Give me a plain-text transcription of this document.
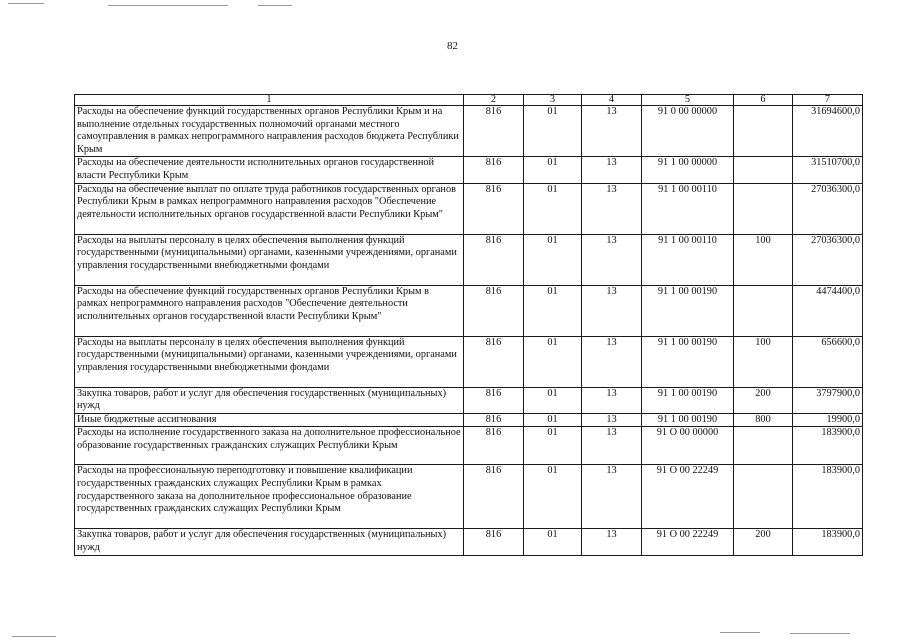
82
1	2	3	4	5	6	7
Расходы на обеспечение функций государственных органов Республики Крым и на выполнение отдельных государственных полномочий органами местного самоуправления в рамках непрограммного направления расходов бюджета Республики Крым	816	01	13	91 0 00 00000		31694600,0
Расходы на обеспечение деятельности исполнительных органов государственной власти Республики Крым	816	01	13	91 1 00 00000		31510700,0
Расходы на обеспечение выплат по оплате труда работников государственных органов Республики Крым в рамках непрограммного направления расходов "Обеспечение деятельности исполнительных органов государственной власти Республики Крым"	816	01	13	91 1 00 00110		27036300,0
Расходы на выплаты персоналу в целях обеспечения выполнения функций государственными (муниципальными) органами, казенными учреждениями, органами управления государственными внебюджетными фондами	816	01	13	91 1 00 00110	100	27036300,0
Расходы на обеспечение функций государственных органов Республики Крым в рамках непрограммного направления расходов "Обеспечение деятельности исполнительных органов государственной власти Республики Крым"	816	01	13	91 1 00 00190		4474400,0
Расходы на выплаты персоналу в целях обеспечения выполнения функций государственными (муниципальными) органами, казенными учреждениями, органами управления государственными внебюджетными фондами	816	01	13	91 1 00 00190	100	656600,0
Закупка товаров, работ и услуг для обеспечения государственных (муниципальных) нужд	816	01	13	91 1 00 00190	200	3797900,0
Иные бюджетные ассигнования	816	01	13	91 1 00 00190	800	19900,0
Расходы на исполнение государственного заказа на дополнительное профессиональное образование государственных гражданских служащих Республики Крым	816	01	13	91 О 00 00000		183900,0
Расходы на профессиональную переподготовку и повышение квалификации государственных гражданских служащих Республики Крым в рамках государственного заказа на дополнительное профессиональное образование государственных гражданских служащих Республики Крым	816	01	13	91 О 00 22249		183900,0
Закупка товаров, работ и услуг для обеспечения государственных (муниципальных) нужд	816	01	13	91 О 00 22249	200	183900,0
